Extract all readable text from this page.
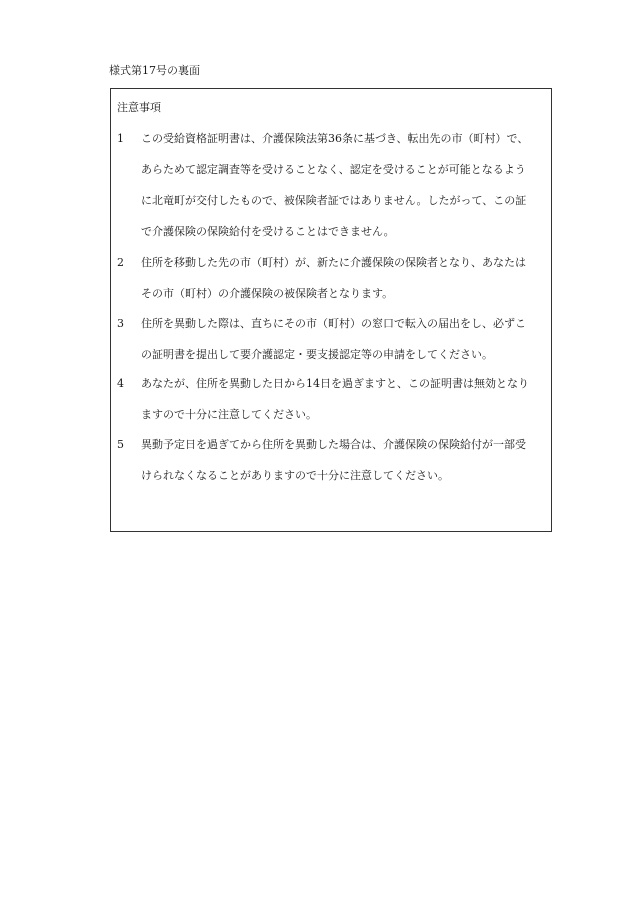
様式第17号の裏面
注意事項
1 この受給資格証明書は、介護保険法第36条に基づき、転出先の市（町村）で、
あらためて認定調査等を受けることなく、認定を受けることが可能となるよう
に北竜町が交付したもので、被保険者証ではありません。したがって、この証
で介護保険の保険給付を受けることはできません。
2 住所を移動した先の市（町村）が、新たに介護保険の保険者となり、あなたは
その市（町村）の介護保険の被保険者となります。
3 住所を異動した際は、直ちにその市（町村）の窓口で転入の届出をし、必ずこ
の証明書を提出して要介護認定・要支援認定等の申請をしてください。
4 あなたが、住所を異動した日から14日を過ぎますと、この証明書は無効となり
ますので十分に注意してください。
5 異動予定日を過ぎてから住所を異動した場合は、介護保険の保険給付が一部受
けられなくなることがありますので十分に注意してください。
